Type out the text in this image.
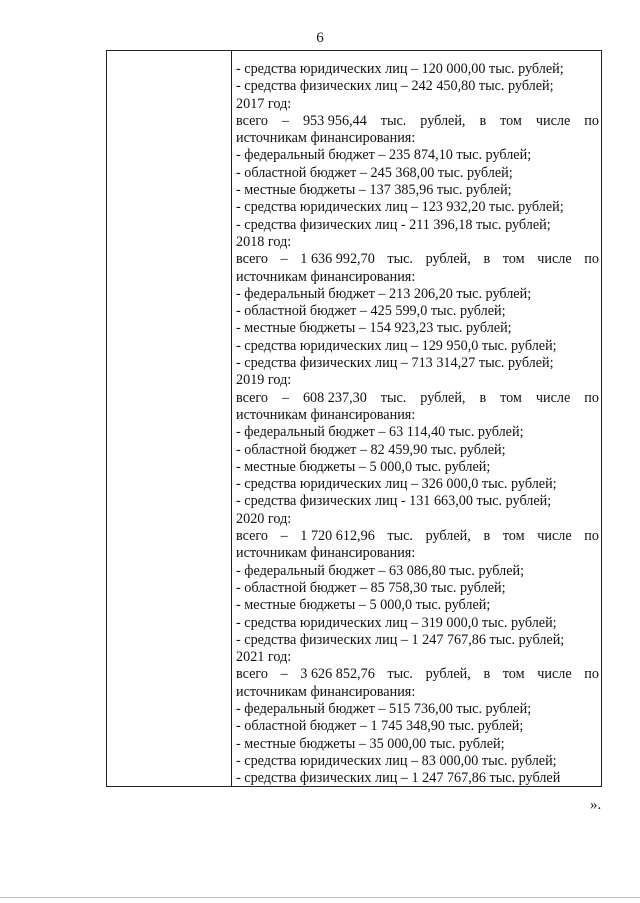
6
- средства юридических лиц – 120 000,00 тыс. рублей;
- средства физических лиц – 242 450,80 тыс. рублей;
2017 год:
всего – 953 956,44 тыс. рублей, в том числе по
источникам финансирования:
- федеральный бюджет – 235 874,10 тыс. рублей;
- областной бюджет – 245 368,00 тыс. рублей;
- местные бюджеты – 137 385,96 тыс. рублей;
- средства юридических лиц – 123 932,20 тыс. рублей;
- средства физических лиц - 211 396,18 тыс. рублей;
2018 год:
всего – 1 636 992,70 тыс. рублей, в том числе по
источникам финансирования:
- федеральный бюджет – 213 206,20 тыс. рублей;
- областной бюджет – 425 599,0 тыс. рублей;
- местные бюджеты – 154 923,23 тыс. рублей;
- средства юридических лиц – 129 950,0 тыс. рублей;
- средства физических лиц – 713 314,27 тыс. рублей;
2019 год:
всего – 608 237,30 тыс. рублей, в том числе по
источникам финансирования:
- федеральный бюджет – 63 114,40 тыс. рублей;
- областной бюджет – 82 459,90 тыс. рублей;
- местные бюджеты – 5 000,0 тыс. рублей;
- средства юридических лиц – 326 000,0 тыс. рублей;
- средства физических лиц - 131 663,00 тыс. рублей;
2020 год:
всего – 1 720 612,96 тыс. рублей, в том числе по
источникам финансирования:
- федеральный бюджет – 63 086,80 тыс. рублей;
- областной бюджет – 85 758,30 тыс. рублей;
- местные бюджеты – 5 000,0 тыс. рублей;
- средства юридических лиц – 319 000,0 тыс. рублей;
- средства физических лиц – 1 247 767,86 тыс. рублей;
2021 год:
всего – 3 626 852,76 тыс. рублей, в том числе по
источникам финансирования:
- федеральный бюджет – 515 736,00 тыс. рублей;
- областной бюджет – 1 745 348,90 тыс. рублей;
- местные бюджеты – 35 000,00 тыс. рублей;
- средства юридических лиц – 83 000,00 тыс. рублей;
- средства физических лиц – 1 247 767,86 тыс. рублей
».
